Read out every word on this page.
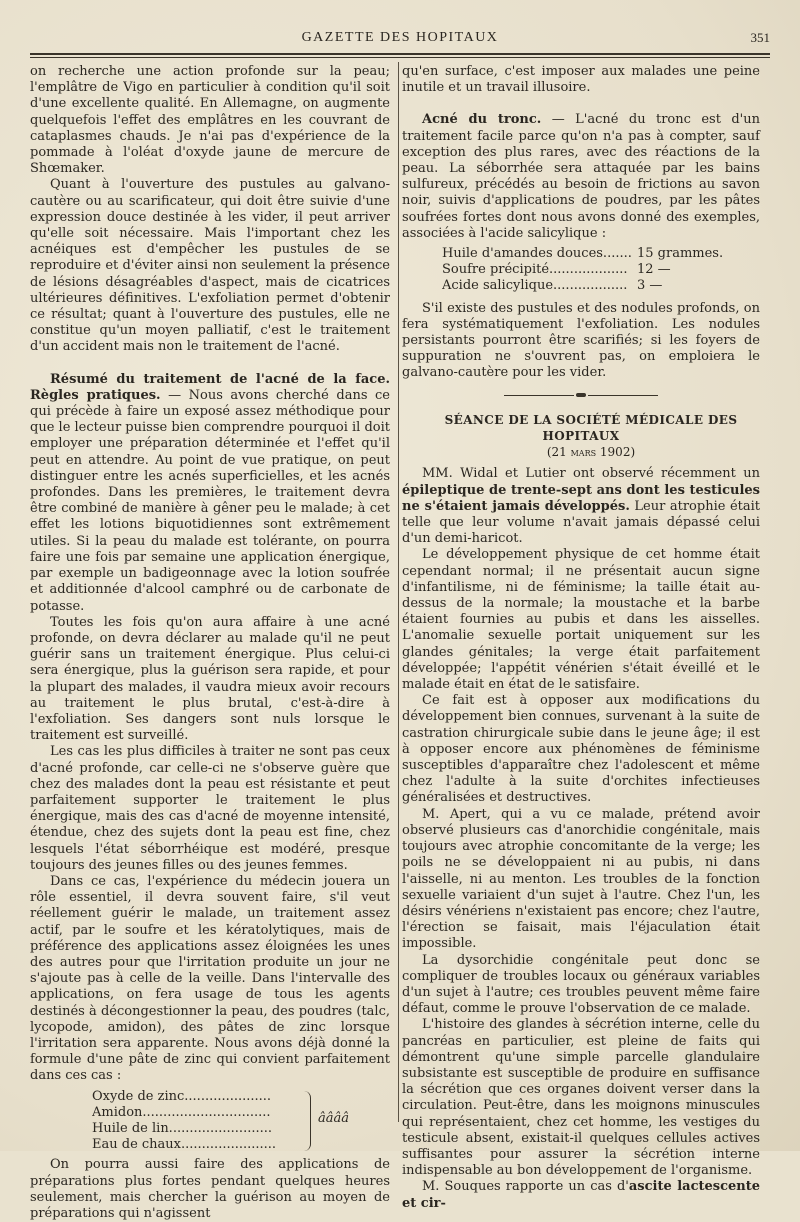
GAZETTE DES HOPITAUX	351

on recherche une action profonde sur la peau; l'emplâtre de Vigo en particulier à condition qu'il soit d'une excellente qualité. En Allemagne, on augmente quelquefois l'effet des emplâtres en les couvrant de cataplasmes chauds. Je n'ai pas d'expérience de la pommade à l'oléat d'oxyde jaune de mercure de Shœmaker.

Quant à l'ouverture des pustules au galvano-cautère ou au scarificateur, qui doit être suivie d'une expression douce destinée à les vider, il peut arriver qu'elle soit nécessaire. Mais l'important chez les acnéiques est d'empêcher les pustules de se reproduire et d'éviter ainsi non seulement la présence de lésions désagréables d'aspect, mais de cicatrices ultérieures définitives. L'exfoliation permet d'obtenir ce résultat; quant à l'ouverture des pustules, elle ne constitue qu'un moyen palliatif, c'est le traitement d'un accident mais non le traitement de l'acné.

Résumé du traitement de l'acné de la face. Règles pratiques. — Nous avons cherché dans ce qui précède à faire un exposé assez méthodique pour que le lecteur puisse bien comprendre pourquoi il doit employer une préparation déterminée et l'effet qu'il peut en attendre. Au point de vue pratique, on peut distinguer entre les acnés superficielles, et les acnés profondes. Dans les premières, le traitement devra être combiné de manière à gêner peu le malade; à cet effet les lotions biquotidiennes sont extrêmement utiles. Si la peau du malade est tolérante, on pourra faire une fois par semaine une application énergique, par exemple un badigeonnage avec la lotion soufrée et additionnée d'alcool camphré ou de carbonate de potasse.

Toutes les fois qu'on aura affaire à une acné profonde, on devra déclarer au malade qu'il ne peut guérir sans un traitement énergique. Plus celui-ci sera énergique, plus la guérison sera rapide, et pour la plupart des malades, il vaudra mieux avoir recours au traitement le plus brutal, c'est-à-dire à l'exfoliation. Ses dangers sont nuls lorsque le traitement est surveillé.

Les cas les plus difficiles à traiter ne sont pas ceux d'acné profonde, car celle-ci ne s'observe guère que chez des malades dont la peau est résistante et peut parfaitement supporter le traitement le plus énergique, mais des cas d'acné de moyenne intensité, étendue, chez des sujets dont la peau est fine, chez lesquels l'état séborrhéique est modéré, presque toujours des jeunes filles ou des jeunes femmes.

Dans ce cas, l'expérience du médecin jouera un rôle essentiel, il devra souvent faire, s'il veut réellement guérir le malade, un traitement assez actif, par le soufre et les kératolytiques, mais de préférence des applications assez éloignées les unes des autres pour que l'irritation produite un jour ne s'ajoute pas à celle de la veille. Dans l'intervalle des applications, on fera usage de tous les agents destinés à décongestionner la peau, des poudres (talc, lycopode, amidon), des pâtes de zinc lorsque l'irritation sera apparente. Nous avons déjà donné la formule d'une pâte de zinc qui convient parfaitement dans ces cas :

Oxyde de zinc.....................
Amidon...............................
Huile de lin.........................
Eau de chaux.......................
ââââ

On pourra aussi faire des applications de préparations plus fortes pendant quelques heures seulement, mais chercher la guérison au moyen de préparations qui n'agissent

qu'en surface, c'est imposer aux malades une peine inutile et un travail illusoire.

Acné du tronc. — L'acné du tronc est d'un traitement facile parce qu'on n'a pas à compter, sauf exception des plus rares, avec des réactions de la peau. La séborrhée sera attaquée par les bains sulfureux, précédés au besoin de frictions au savon noir, suivis d'applications de poudres, par les pâtes soufrées fortes dont nous avons donné des exemples, associées à l'acide salicylique :

Huile d'amandes douces....... 15 grammes.
Soufre précipité................... 12 —
Acide salicylique.................. 3 —

S'il existe des pustules et des nodules profonds, on fera systématiquement l'exfoliation. Les nodules persistants pourront être scarifiés; si les foyers de suppuration ne s'ouvrent pas, on emploiera le galvano-cautère pour les vider.

SÉANCE DE LA SOCIÉTÉ MÉDICALE DES HOPITAUX

(21 mars 1902)

MM. Widal et Lutier ont observé récemment un épileptique de trente-sept ans dont les testicules ne s'étaient jamais développés. Leur atrophie était telle que leur volume n'avait jamais dépassé celui d'un demi-haricot.

Le développement physique de cet homme était cependant normal; il ne présentait aucun signe d'infantilisme, ni de féminisme; la taille était au-dessus de la normale; la moustache et la barbe étaient fournies au pubis et dans les aisselles. L'anomalie sexuelle portait uniquement sur les glandes génitales; la verge était parfaitement développée; l'appétit vénérien s'était éveillé et le malade était en état de le satisfaire.

Ce fait est à opposer aux modifications du développement bien connues, survenant à la suite de castration chirurgicale subie dans le jeune âge; il est à opposer encore aux phénomènes de féminisme susceptibles d'apparaître chez l'adolescent et même chez l'adulte à la suite d'orchites infectieuses généralisées et destructives.

M. Apert, qui a vu ce malade, prétend avoir observé plusieurs cas d'anorchidie congénitale, mais toujours avec atrophie concomitante de la verge; les poils ne se développaient ni au pubis, ni dans l'aisselle, ni au menton. Les troubles de la fonction sexuelle variaient d'un sujet à l'autre. Chez l'un, les désirs vénériens n'existaient pas encore; chez l'autre, l'érection se faisait, mais l'éjaculation était impossible.

La dysorchidie congénitale peut donc se compliquer de troubles locaux ou généraux variables d'un sujet à l'autre; ces troubles peuvent même faire défaut, comme le prouve l'observation de ce malade.

L'histoire des glandes à sécrétion interne, celle du pancréas en particulier, est pleine de faits qui démontrent qu'une simple parcelle glandulaire subsistante est susceptible de produire en suffisance la sécrétion que ces organes doivent verser dans la circulation. Peut-être, dans les moignons minuscules qui représentaient, chez cet homme, les vestiges du testicule absent, existait-il quelques cellules actives suffisantes pour assurer la sécrétion interne indispensable au bon développement de l'organisme.

M. Souques rapporte un cas d'ascite lactescente et cir-
